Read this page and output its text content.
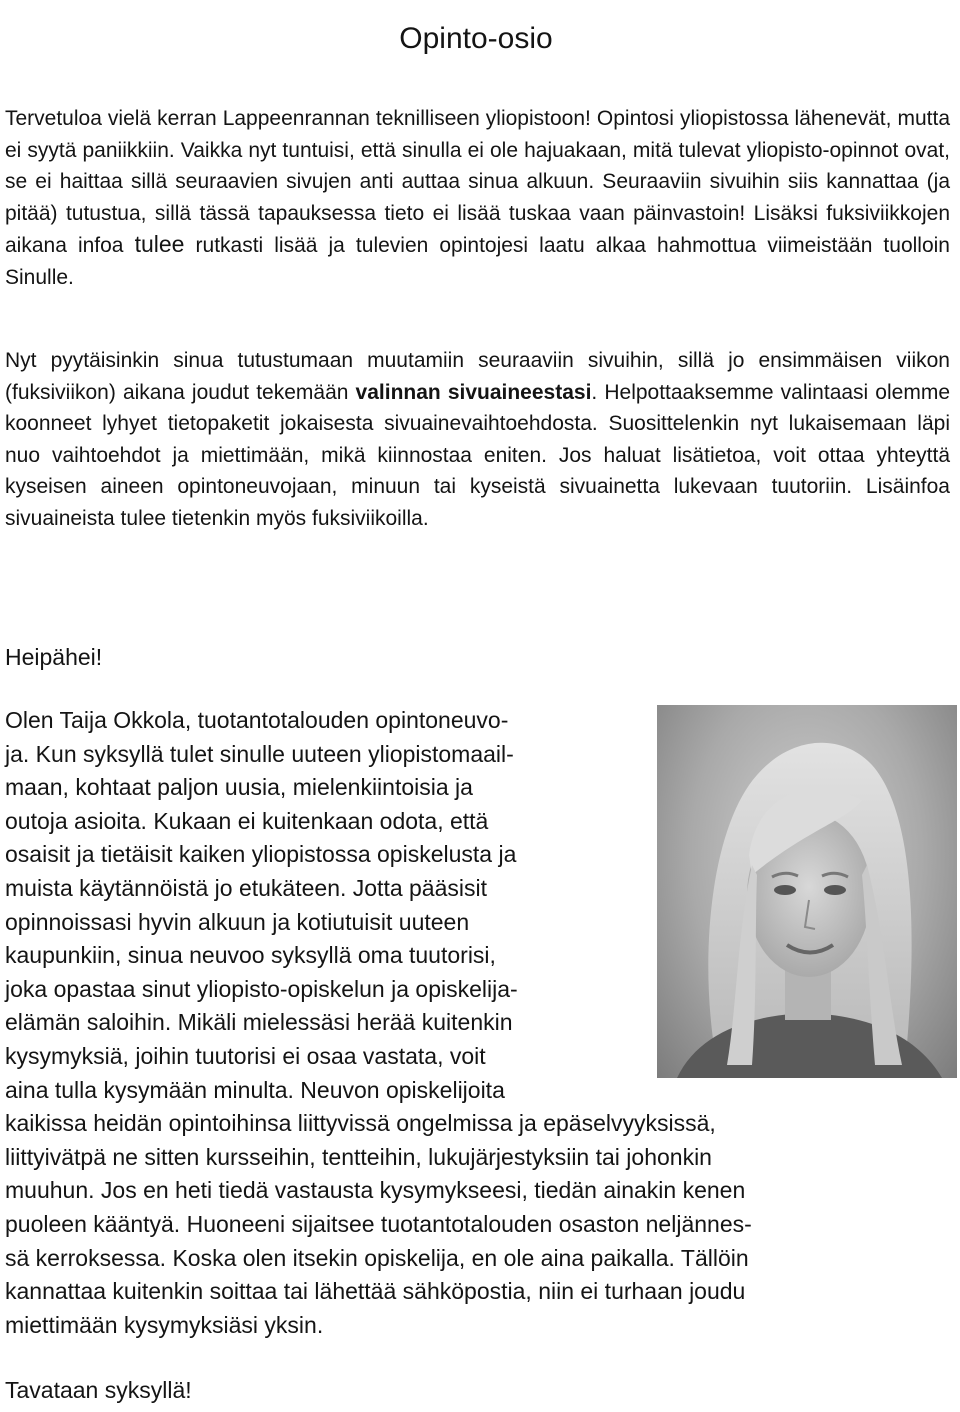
Opinto-osio

Tervetuloa vielä kerran Lappeenrannan teknilliseen yliopistoon! Opintosi yliopistossa lähenevät, mutta ei syytä paniikkiin. Vaikka nyt tuntuisi, että sinulla ei ole hajuakaan, mitä tulevat yliopisto-opinnot ovat, se ei haittaa sillä seuraavien sivujen anti auttaa sinua alkuun. Seuraaviin sivuihin siis kannattaa (ja pitää) tutustua, sillä tässä tapauksessa tieto ei lisää tuskaa vaan päinvastoin! Lisäksi fuksiviikkojen aikana infoa tulee rutkasti lisää ja tulevien opintojesi laatu alkaa hahmottua viimeistään tuolloin Sinulle.

Nyt pyytäisinkin sinua tutustumaan muutamiin seuraaviin sivuihin, sillä jo ensimmäisen viikon (fuksiviikon) aikana joudut tekemään valinnan sivuaineestasi. Helpottaaksemme valintaasi olemme koonneet lyhyet tietopaketit jokaisesta sivuainevaihtoehdosta. Suosittelenkin nyt lukaisemaan läpi nuo vaihtoehdot ja miettimään, mikä kiinnostaa eniten. Jos haluat lisätietoa, voit ottaa yhteyttä kyseisen aineen opintoneuvojaan, minuun tai kyseistä sivuainetta lukevaan tuutoriin. Lisäinfoa sivuaineista tulee tietenkin myös fuksiviikoilla.

Heipähei!

Olen Taija Okkola, tuotantotalouden opintoneuvo-
ja. Kun syksyllä tulet sinulle uuteen yliopistomaail-
maan, kohtaat paljon uusia, mielenkiintoisia ja
outoja asioita. Kukaan ei kuitenkaan odota, että
osaisit ja tietäisit kaiken yliopistossa opiskelusta ja
muista käytännöistä jo etukäteen. Jotta pääsisit
opinnoissasi hyvin alkuun ja kotiutuisit uuteen
kaupunkiin, sinua neuvoo syksyllä oma tuutorisi,
joka opastaa sinut yliopisto-opiskelun ja opiskelija-
elämän saloihin. Mikäli mielessäsi herää kuitenkin
kysymyksiä, joihin tuutorisi ei osaa vastata, voit
aina tulla kysymään minulta. Neuvon opiskelijoita
kaikissa heidän opintoihinsa liittyvissä ongelmissa ja epäselvyyksissä,
liittyivätpä ne sitten kursseihin, tentteihin, lukujärjestyksiin tai johonkin
muuhun. Jos en heti tiedä vastausta kysymykseesi, tiedän ainakin kenen
puoleen kääntyä. Huoneeni sijaitsee tuotantotalouden osaston neljännes-
sä kerroksessa. Koska olen itsekin opiskelija, en ole aina paikalla. Tällöin
kannattaa kuitenkin soittaa tai lähettää sähköpostia, niin ei turhaan joudu
miettimään kysymyksiäsi yksin.

Tavataan syksyllä!
